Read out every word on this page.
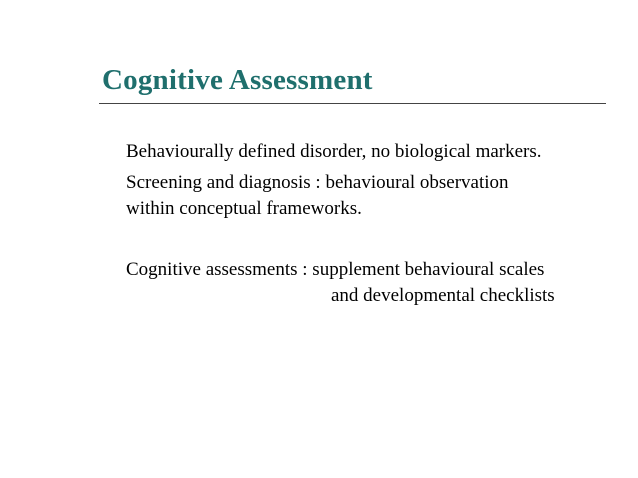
Cognitive Assessment
Behaviourally defined disorder, no biological markers.
Screening and diagnosis : behavioural observation
within conceptual frameworks.
Cognitive assessments : supplement behavioural scales
and developmental checklists
